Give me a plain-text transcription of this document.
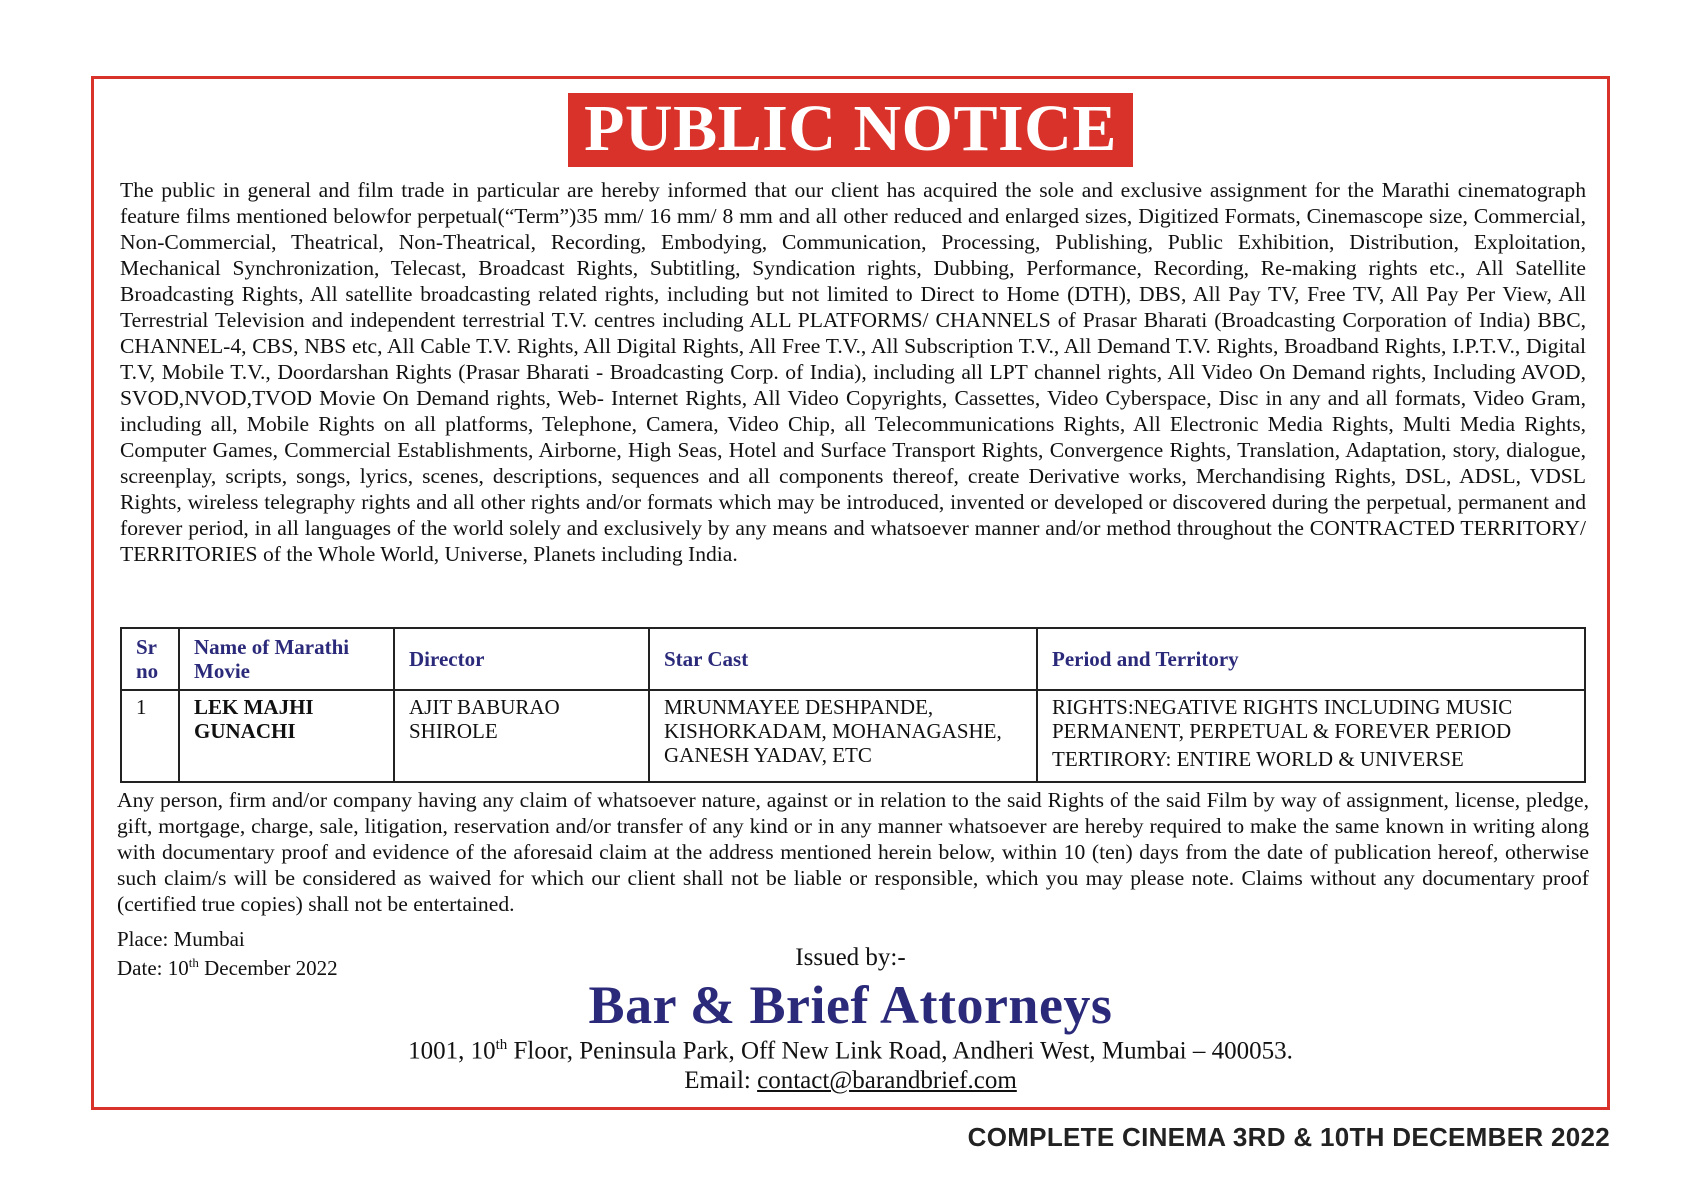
PUBLIC NOTICE

The public in general and film trade in particular are hereby informed that our client has acquired the sole and exclusive assignment for the Marathi cinematograph feature films mentioned belowfor perpetual(“Term”)35 mm/ 16 mm/ 8 mm and all other reduced and enlarged sizes, Digitized Formats, Cinemascope size, Commercial, Non-Commercial, Theatrical, Non-Theatrical, Recording, Embodying, Communication, Processing, Publishing, Public Exhibition, Distribution, Exploitation, Mechanical Synchronization, Telecast, Broadcast Rights, Subtitling, Syndication rights, Dubbing, Performance, Recording, Re-making rights etc., All Satellite Broadcasting Rights, All satellite broadcasting related rights, including but not limited to Direct to Home (DTH), DBS, All Pay TV, Free TV, All Pay Per View, All Terrestrial Television and independent terrestrial T.V. centres including ALL PLATFORMS/ CHANNELS of Prasar Bharati (Broadcasting Corporation of India) BBC, CHANNEL-4, CBS, NBS etc, All Cable T.V. Rights, All Digital Rights, All Free T.V., All Subscription T.V., All Demand T.V. Rights, Broadband Rights, I.P.T.V., Digital T.V, Mobile T.V., Doordarshan Rights (Prasar Bharati - Broadcasting Corp. of India), including all LPT channel rights, All Video On Demand rights, Including AVOD, SVOD,NVOD,TVOD Movie On Demand rights, Web- Internet Rights, All Video Copyrights, Cassettes, Video Cyberspace, Disc in any and all formats, Video Gram, including all, Mobile Rights on all platforms, Telephone, Camera, Video Chip, all Telecommunications Rights, All Electronic Media Rights, Multi Media Rights, Computer Games, Commercial Establishments, Airborne, High Seas, Hotel and Surface Transport Rights, Convergence Rights, Translation, Adaptation, story, dialogue, screenplay, scripts, songs, lyrics, scenes, descriptions, sequences and all components thereof, create Derivative works, Merchandising Rights, DSL, ADSL, VDSL Rights, wireless telegraphy rights and all other rights and/or formats which may be introduced, invented or developed or discovered during the perpetual, permanent and forever period, in all languages of the world solely and exclusively by any means and whatsoever manner and/or method throughout the CONTRACTED TERRITORY/ TERRITORIES of the Whole World, Universe, Planets including India.

Sr no	Name of Marathi Movie	Director	Star Cast	Period and Territory
1	LEK MAJHI GUNACHI	AJIT BABURAO SHIROLE	MRUNMAYEE DESHPANDE, KISHORKADAM, MOHANAGASHE, GANESH YADAV, ETC	RIGHTS:NEGATIVE RIGHTS INCLUDING MUSIC PERMANENT, PERPETUAL & FOREVER PERIOD
TERTIRORY: ENTIRE WORLD & UNIVERSE

Any person, firm and/or company having any claim of whatsoever nature, against or in relation to the said Rights of the said Film by way of assignment, license, pledge, gift, mortgage, charge, sale, litigation, reservation and/or transfer of any kind or in any manner whatsoever are hereby required to make the same known in writing along with documentary proof and evidence of the aforesaid claim at the address mentioned herein below, within 10 (ten) days from the date of publication hereof, otherwise such claim/s will be considered as waived for which our client shall not be liable or responsible, which you may please note. Claims without any documentary proof (certified true copies) shall not be entertained.

Place: Mumbai
Date: 10th December 2022	Issued by:-
Bar & Brief Attorneys
1001, 10th Floor, Peninsula Park, Off New Link Road, Andheri West, Mumbai – 400053.
Email: contact@barandbrief.com
COMPLETE CINEMA 3RD & 10TH DECEMBER 2022
